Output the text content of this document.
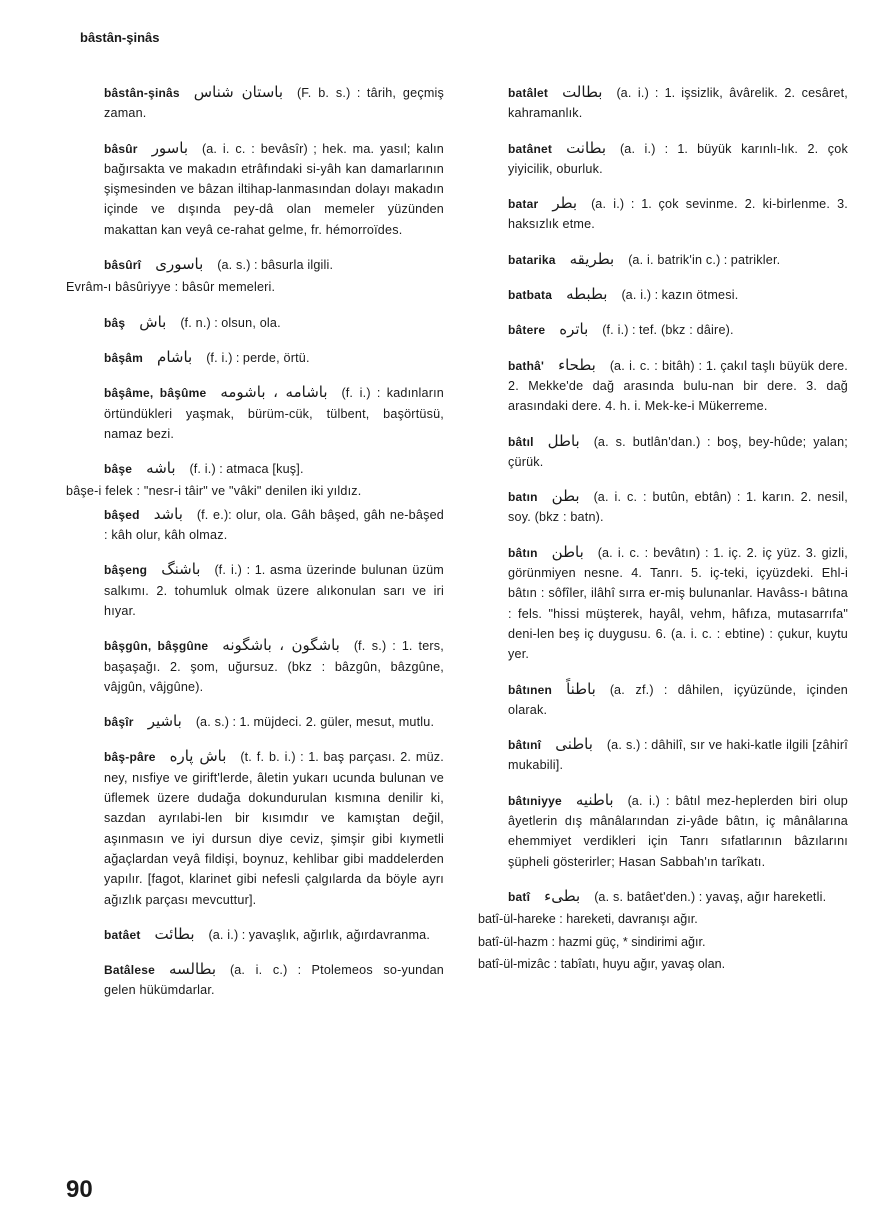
bâstân-şinâs
bâstân-şinâs باستان شناس (F. b. s.) : târih, geçmiş zaman.
bâsûr باسور (a. i. c. : bevâsîr) ; hek. ma. yasıl; kalın bağırsakta ve makadın etrâfındaki si-yâh kan damarlarının şişmesinden ve bâzan iltihap-lanmasından dolayı makadın içinde ve dışında pey-dâ olan memeler yüzünden makattan kan veyâ ce-rahat gelme, fr. hémorroïdes.
bâsûrî باسوری (a. s.) : bâsurla ilgili.
Evrâm-ı bâsûriyye : bâsûr memeleri.
bâş باش (f. n.) : olsun, ola.
bâşâm باشام (f. i.) : perde, örtü.
bâşâme, bâşûme باشامه ، باشومه (f. i.) : kadınların örtündükleri yaşmak, bürüm-cük, tülbent, başörtüsü, namaz bezi.
bâşe باشه (f. i.) : atmaca [kuş].
bâşe-i felek : "nesr-i tâir" ve "vâki" denilen iki yıldız.
bâşed باشد (f. e.): olur, ola. Gâh bâşed, gâh ne-bâşed : kâh olur, kâh olmaz.
bâşeng باشنگ (f. i.) : 1. asma üzerinde bulunan üzüm salkımı. 2. tohumluk olmak üzere alıkonulan sarı ve iri hıyar.
bâşgûn, bâşgûne باشگون ، باشگونه (f. s.) : 1. ters, başaşağı. 2. şom, uğursuz. (bkz : bâzgûn, bâzgûne, vâjgûn, vâjgûne).
bâşîr باشیر (a. s.) : 1. müjdeci. 2. güler, mesut, mutlu.
bâş-pâre باش پاره (t. f. b. i.) : 1. baş parçası. 2. müz. ney, nısfiye ve girift'lerde, âletin yukarı ucunda bulunan ve üflemek üzere dudağa dokundurulan kısmına denilir ki, sazdan ayrılabi-len bir kısımdır ve kamıştan değil, aşınmasın ve iyi dursun diye ceviz, şimşir gibi kıymetli ağaçlardan veyâ fildişi, boynuz, kehlibar gibi maddelerden yapılır. [fagot, klarinet gibi nefesli çalgılarda da böyle ayrı ağızlık parçası mevcuttur].
batâet بطائت (a. i.) : yavaşlık, ağırlık, ağırdavranma.
Batâlese بطالسه (a. i. c.) : Ptolemeos so-yundan gelen hükümdarlar.
batâlet بطالت (a. i.) : 1. işsizlik, âvârelik. 2. cesâret, kahramanlık.
batânet بطانت (a. i.) : 1. büyük karınlı-lık. 2. çok yiyicilik, oburluk.
batar بطر (a. i.) : 1. çok sevinme. 2. ki-birlenme. 3. haksızlık etme.
batarika بطریقه (a. i. batrik'in c.) : patrikler.
batbata بطبطه (a. i.) : kazın ötmesi.
bâtere باتره (f. i.) : tef. (bkz : dâire).
bathâ' بطحاء (a. i. c. : bitâh) : 1. çakıl taşlı büyük dere. 2. Mekke'de dağ arasında bulu-nan bir dere. 3. dağ arasındaki dere. 4. h. i. Mek-ke-i Mükerreme.
bâtıl باطل (a. s. butlân'dan.) : boş, bey-hûde; yalan; çürük.
batın بطن (a. i. c. : butûn, ebtân) : 1. karın. 2. nesil, soy. (bkz : batn).
bâtın باطن (a. i. c. : bevâtın) : 1. iç. 2. iç yüz. 3. gizli, görünmiyen nesne. 4. Tanrı. 5. iç-teki, içyüzdeki. Ehl-i bâtın : sôfîler, ilâhî sırra er-miş bulunanlar. Havâss-ı bâtına : fels. "hissi müşterek, hayâl, vehm, hâfıza, mutasarrıfa" deni-len beş iç duygusu. 6. (a. i. c. : ebtine) : çukur, kuytu yer.
bâtınen باطناً (a. zf.) : dâhilen, içyüzünde, içinden olarak.
bâtınî باطنی (a. s.) : dâhilî, sır ve haki-katle ilgili [zâhirî mukabili].
bâtıniyye باطنیه (a. i.) : bâtıl mez-heplerden biri olup âyetlerin dış mânâlarından zi-yâde bâtın, iç mânâlarına ehemmiyet verdikleri için Tanrı sıfatlarının bâzılarını şüpheli gösterirler; Hasan Sabbah'ın tarîkatı.
batî بطیء (a. s. batâet'den.) : yavaş, ağır hareketli.
batî-ül-hareke : hareketi, davranışı ağır.
batî-ül-hazm : hazmi güç, * sindirimi ağır.
batî-ül-mizâc : tabîatı, huyu ağır, yavaş olan.
90
